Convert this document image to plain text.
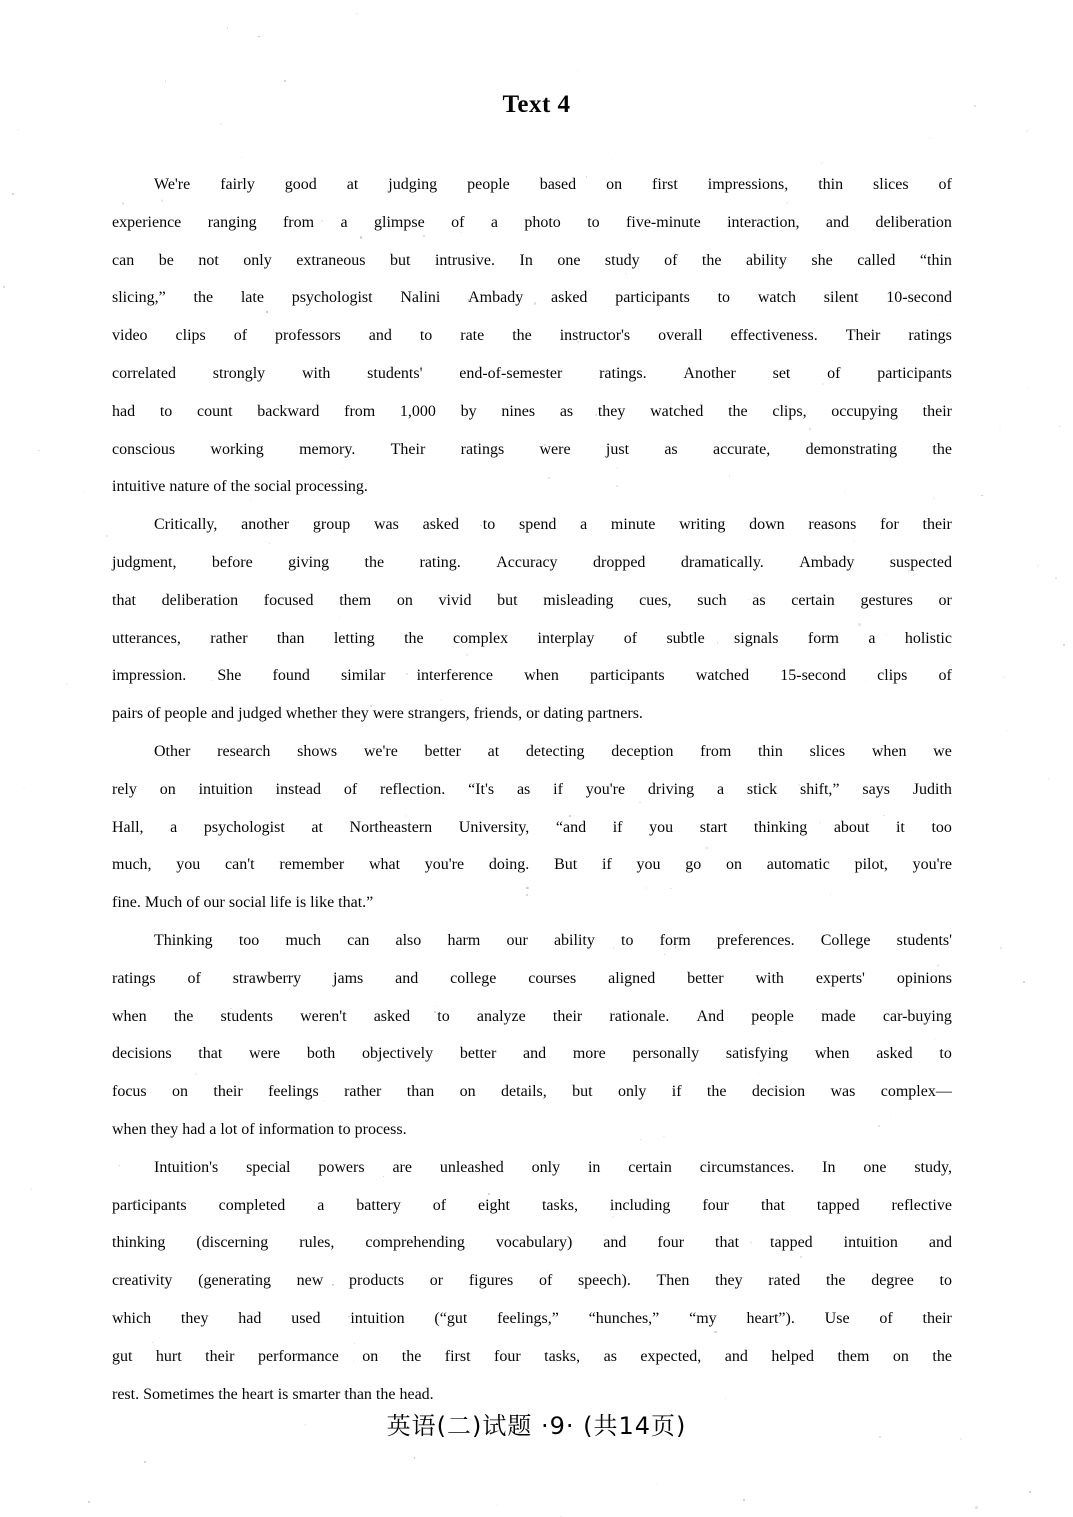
Text 4
We're fairly good at judging people based on first impressions, thin slices of
experience ranging from a glimpse of a photo to five-minute interaction, and deliberation
can be not only extraneous but intrusive. In one study of the ability she called “thin
slicing,” the late psychologist Nalini Ambady asked participants to watch silent 10-second
video clips of professors and to rate the instructor's overall effectiveness. Their ratings
correlated strongly with students' end-of-semester ratings. Another set of participants
had to count backward from 1,000 by nines as they watched the clips, occupying their
conscious working memory. Their ratings were just as accurate, demonstrating the
intuitive nature of the social processing.
Critically, another group was asked to spend a minute writing down reasons for their
judgment, before giving the rating. Accuracy dropped dramatically. Ambady suspected
that deliberation focused them on vivid but misleading cues, such as certain gestures or
utterances, rather than letting the complex interplay of subtle signals form a holistic
impression. She found similar interference when participants watched 15-second clips of
pairs of people and judged whether they were strangers, friends, or dating partners.
Other research shows we're better at detecting deception from thin slices when we
rely on intuition instead of reflection. “It's as if you're driving a stick shift,” says Judith
Hall, a psychologist at Northeastern University, “and if you start thinking about it too
much, you can't remember what you're doing. But if you go on automatic pilot, you're
fine. Much of our social life is like that.”
Thinking too much can also harm our ability to form preferences. College students'
ratings of strawberry jams and college courses aligned better with experts' opinions
when the students weren't asked to analyze their rationale. And people made car-buying
decisions that were both objectively better and more personally satisfying when asked to
focus on their feelings rather than on details, but only if the decision was complex—
when they had a lot of information to process.
Intuition's special powers are unleashed only in certain circumstances. In one study,
participants completed a battery of eight tasks, including four that tapped reflective
thinking (discerning rules, comprehending vocabulary) and four that tapped intuition and
creativity (generating new products or figures of speech). Then they rated the degree to
which they had used intuition (“gut feelings,” “hunches,” “my heart”). Use of their
gut hurt their performance on the first four tasks, as expected, and helped them on the
rest. Sometimes the heart is smarter than the head.
英语(二)试题 ·9· (共14页)
